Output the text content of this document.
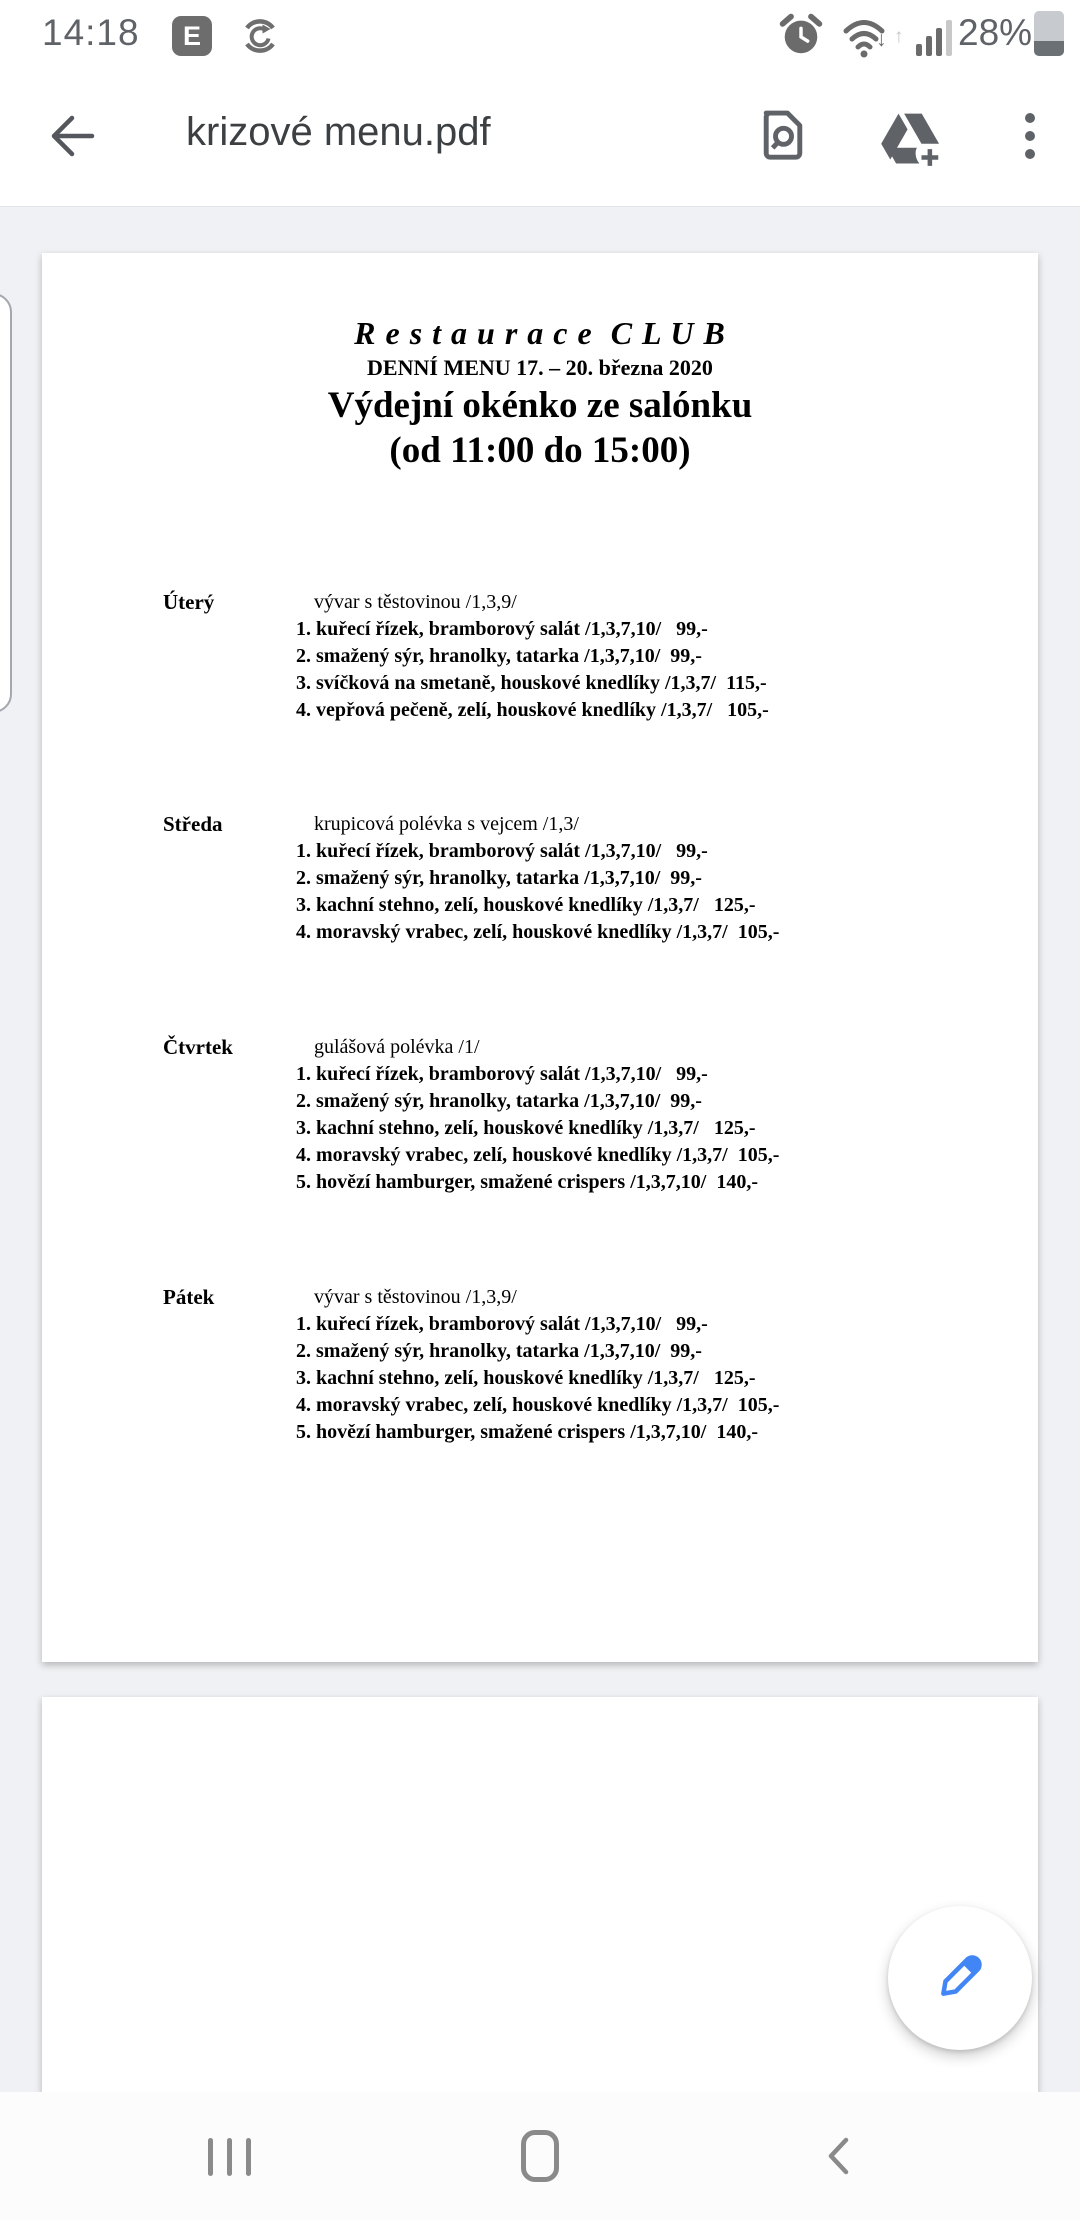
14:18	E	↓ ↑ 28%
krizové menu.pdf
R e s t a u r a c e  C L U B
DENNÍ MENU 17. – 20. března 2020
Výdejní okénko ze salónku
(od 11:00 do 15:00)
Úterý	vývar s těstovinou /1,3,9/
1. kuřecí řízek, bramborový salát /1,3,7,10/   99,-
2. smažený sýr, hranolky, tatarka /1,3,7,10/  99,-
3. svíčková na smetaně, houskové knedlíky /1,3,7/  115,-
4. vepřová pečeně, zelí, houskové knedlíky /1,3,7/   105,-
Středa	krupicová polévka s vejcem /1,3/
1. kuřecí řízek, bramborový salát /1,3,7,10/   99,-
2. smažený sýr, hranolky, tatarka /1,3,7,10/  99,-
3. kachní stehno, zelí, houskové knedlíky /1,3,7/   125,-
4. moravský vrabec, zelí, houskové knedlíky /1,3,7/  105,-
Čtvrtek	gulášová polévka /1/
1. kuřecí řízek, bramborový salát /1,3,7,10/   99,-
2. smažený sýr, hranolky, tatarka /1,3,7,10/  99,-
3. kachní stehno, zelí, houskové knedlíky /1,3,7/   125,-
4. moravský vrabec, zelí, houskové knedlíky /1,3,7/  105,-
5. hovězí hamburger, smažené crispers /1,3,7,10/  140,-
Pátek	vývar s těstovinou /1,3,9/
1. kuřecí řízek, bramborový salát /1,3,7,10/   99,-
2. smažený sýr, hranolky, tatarka /1,3,7,10/  99,-
3. kachní stehno, zelí, houskové knedlíky /1,3,7/   125,-
4. moravský vrabec, zelí, houskové knedlíky /1,3,7/  105,-
5. hovězí hamburger, smažené crispers /1,3,7,10/  140,-
